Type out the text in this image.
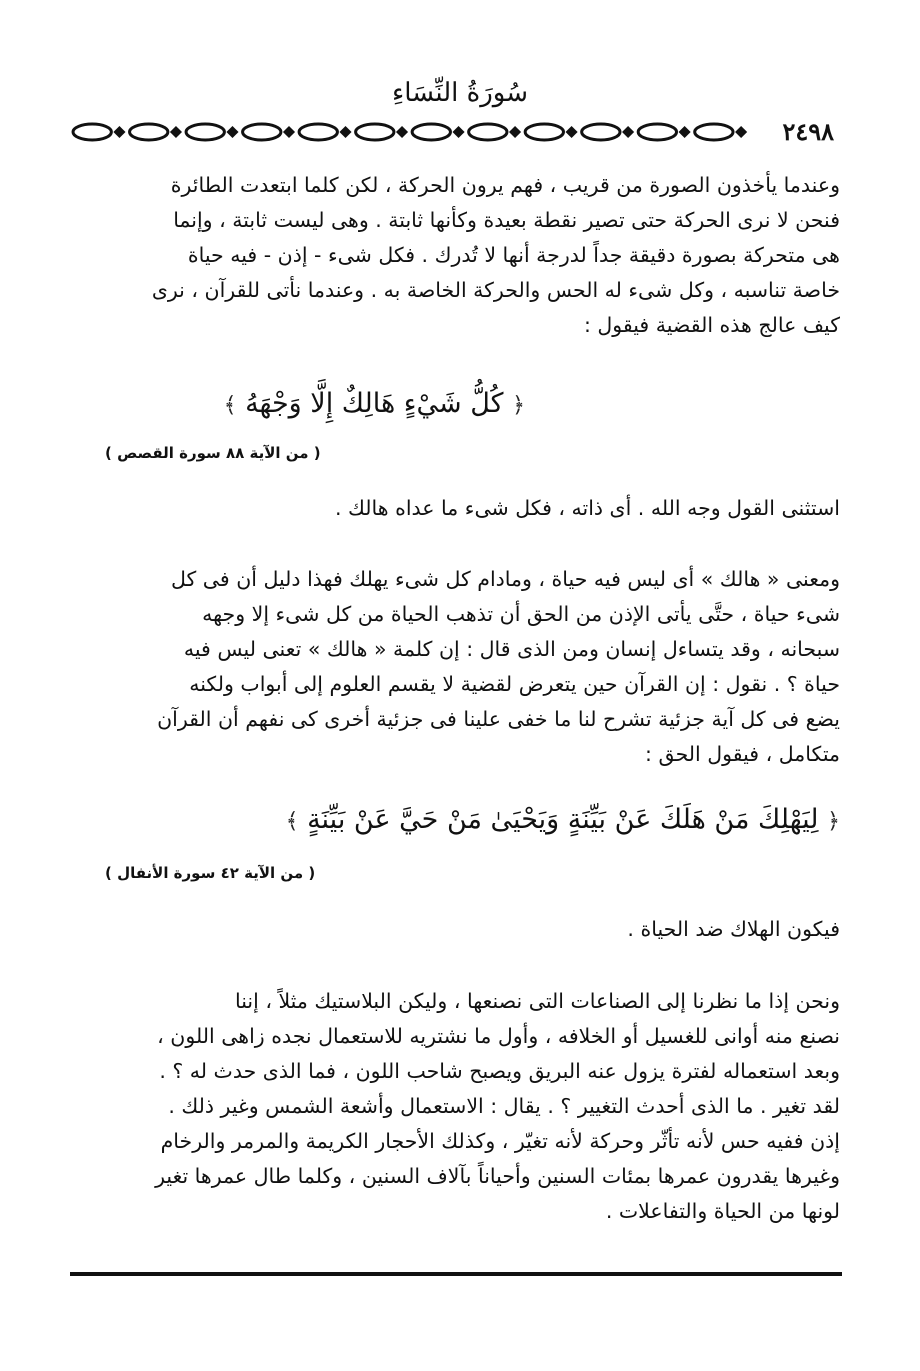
سُورَةُ النِّسَاءِ
٢٤٩٨
وعندما يأخذون الصورة من قريب ، فهم يرون الحركة ، لكن كلما ابتعدت الطائرة
فنحن لا نرى الحركة حتى تصير نقطة بعيدة وكأنها ثابتة . وهى ليست ثابتة ، وإنما
هى متحركة بصورة دقيقة جداً لدرجة أنها لا تُدرك . فكل شىء - إذن - فيه حياة
خاصة تناسبه ، وكل شىء له الحس والحركة الخاصة به . وعندما نأتى للقرآن ، نرى
كيف عالج هذه القضية فيقول :
﴿ كُلُّ شَيْءٍ هَالِكٌ إِلَّا وَجْهَهُ ﴾
( من الآية ٨٨ سورة القصص )
استثنى القول وجه الله . أى ذاته ، فكل شىء ما عداه هالك .
ومعنى « هالك » أى ليس فيه حياة ، ومادام كل شىء يهلك فهذا دليل أن فى كل
شىء حياة ، حتَّى يأتى الإذن من الحق أن تذهب الحياة من كل شىء إلا وجهه
سبحانه ، وقد يتساءل إنسان ومن الذى قال : إن كلمة « هالك » تعنى ليس فيه
حياة ؟ . نقول : إن القرآن حين يتعرض لقضية لا يقسم العلوم إلى أبواب ولكنه
يضع فى كل آية جزئية تشرح لنا ما خفى علينا فى جزئية أخرى كى نفهم أن القرآن
متكامل ، فيقول الحق :
﴿ لِيَهْلِكَ مَنْ هَلَكَ عَنْ بَيِّنَةٍ وَيَحْيَىٰ مَنْ حَيَّ عَنْ بَيِّنَةٍ ﴾
( من الآية ٤٢ سورة الأنفال )
فيكون الهلاك ضد الحياة .
ونحن إذا ما نظرنا إلى الصناعات التى نصنعها ، وليكن البلاستيك مثلاً ، إننا
نصنع منه أوانى للغسيل أو الخلافه ، وأول ما نشتريه للاستعمال نجده زاهى اللون ،
وبعد استعماله لفترة يزول عنه البريق ويصبح شاحب اللون ، فما الذى حدث له ؟ .
لقد تغير . ما الذى أحدث التغيير ؟ . يقال : الاستعمال وأشعة الشمس وغير ذلك .
إذن ففيه حس لأنه تأثّر وحركة لأنه تغيّر ، وكذلك الأحجار الكريمة والمرمر والرخام
وغيرها يقدرون عمرها بمئات السنين وأحياناً بآلاف السنين ، وكلما طال عمرها تغير
لونها من الحياة والتفاعلات .
